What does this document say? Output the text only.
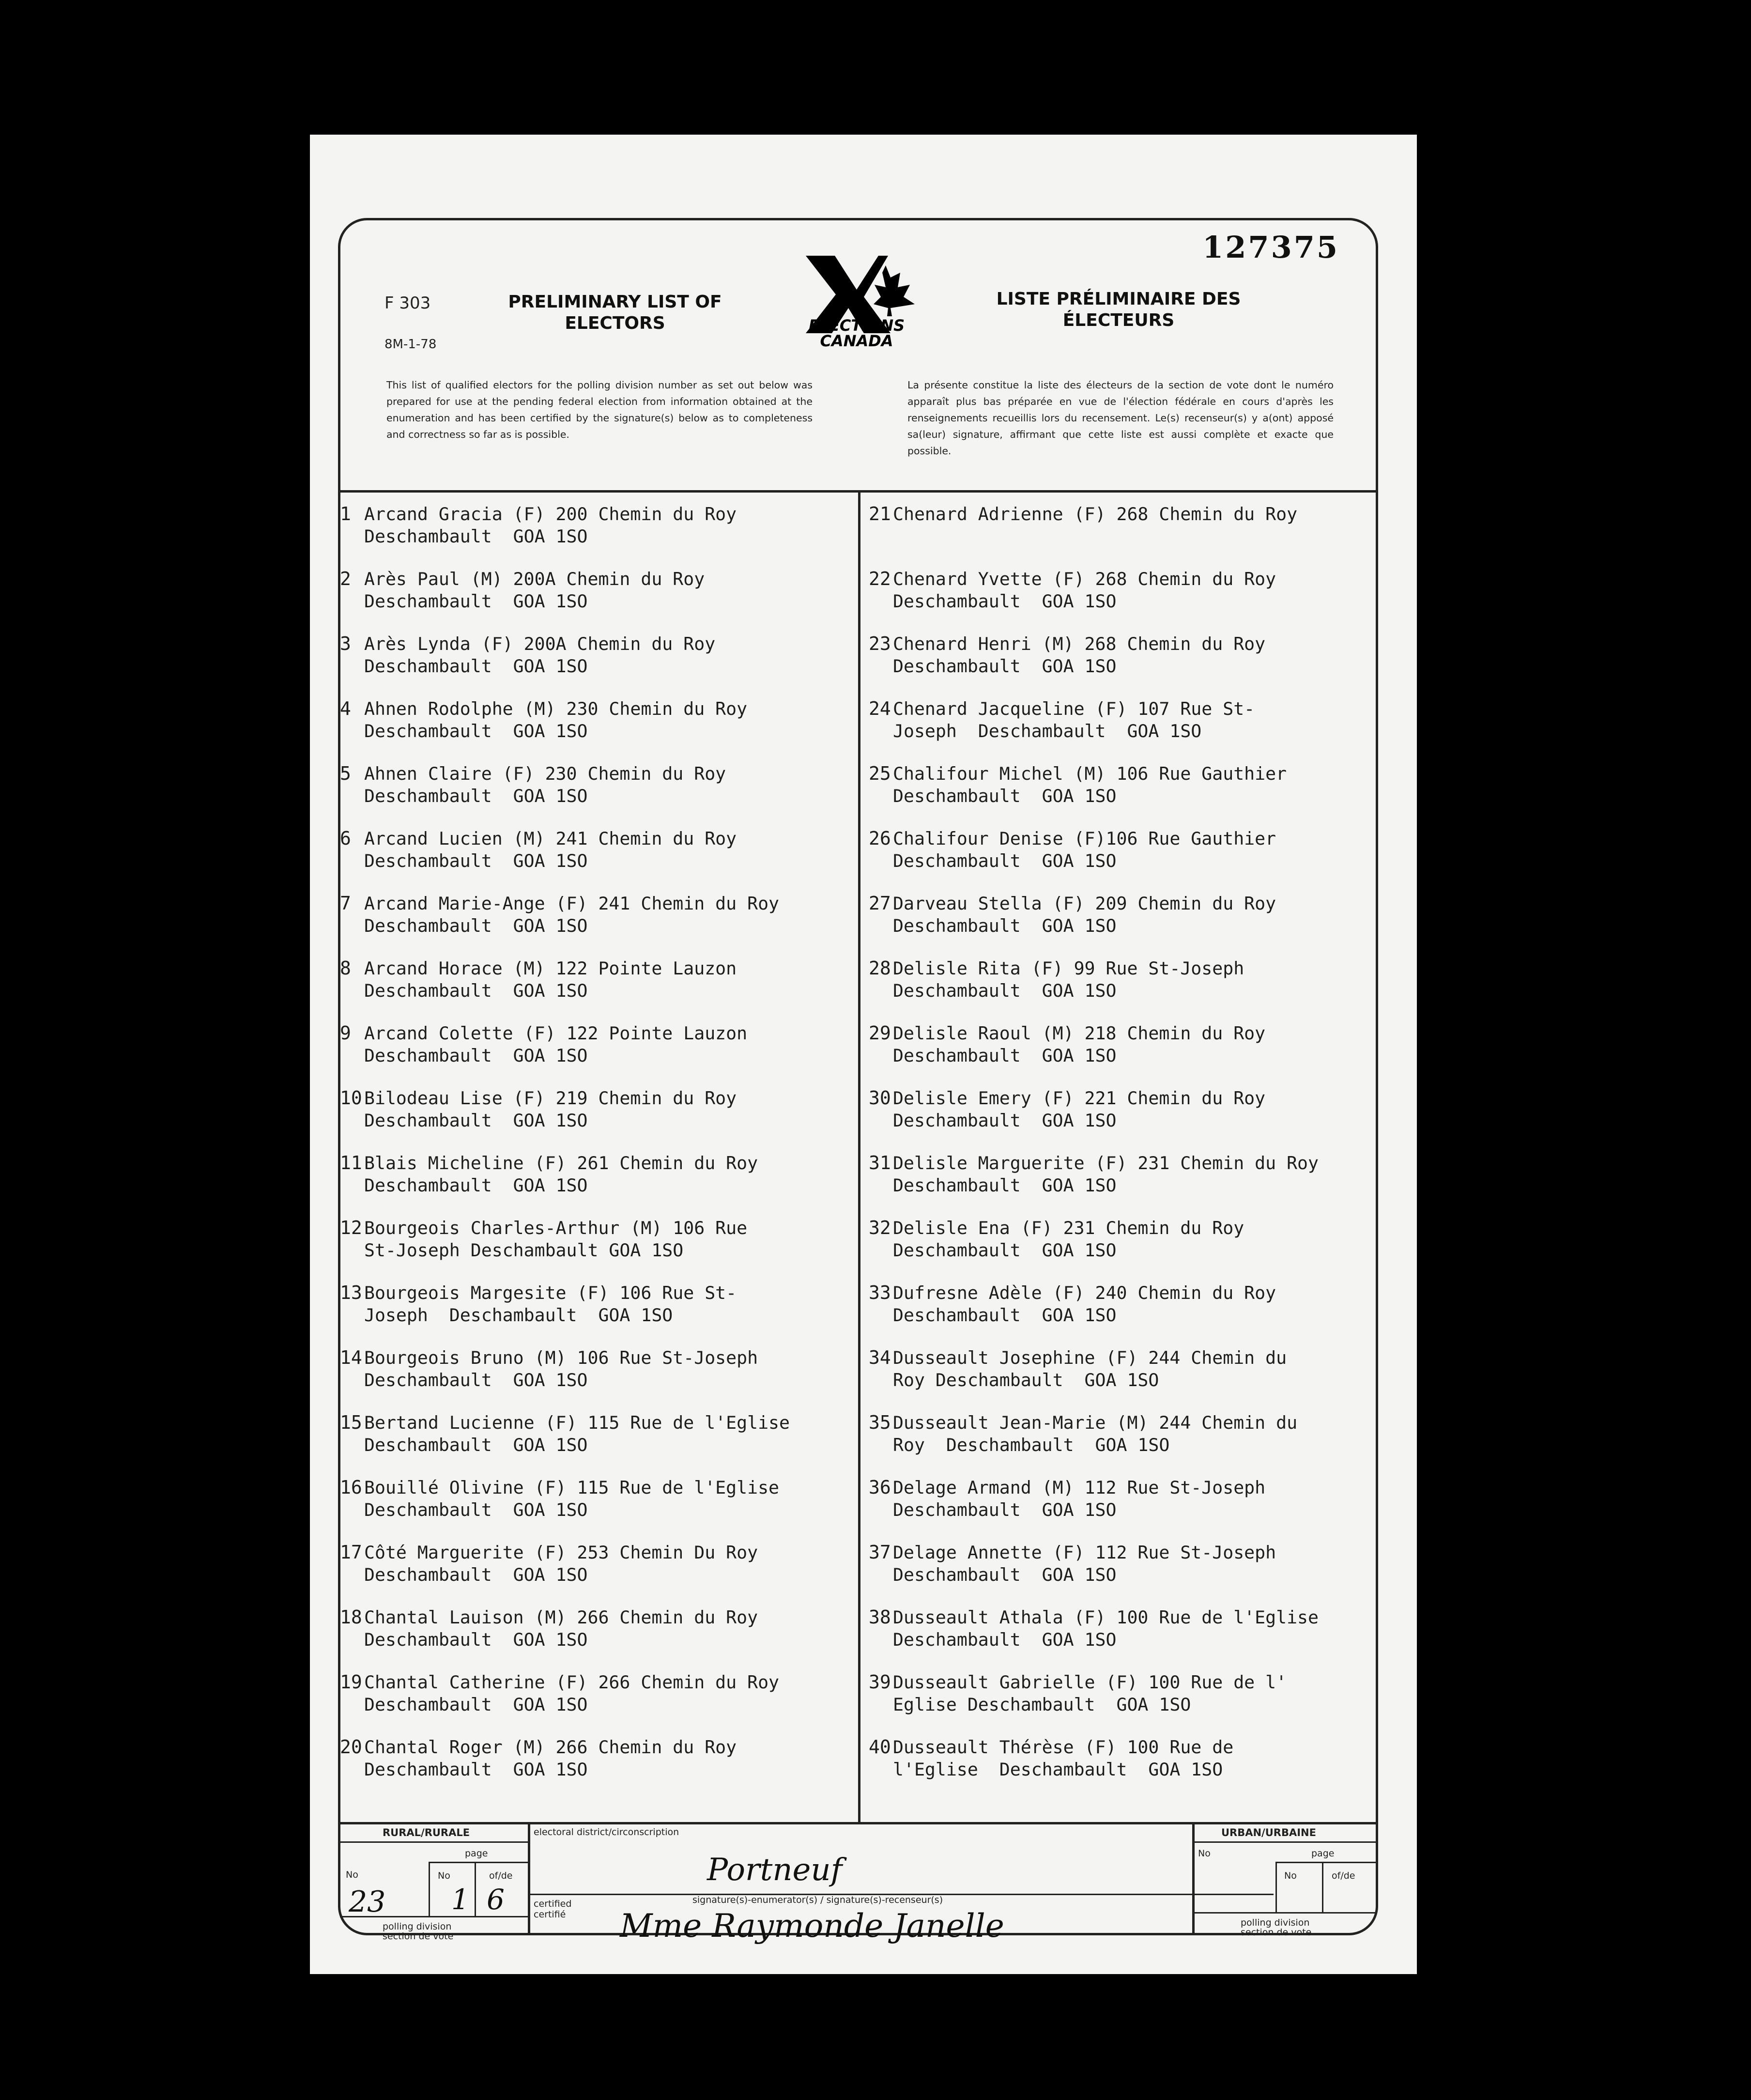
127375
F 303
8M-1-78
PRELIMINARY LIST OF
ELECTORS
LISTE PRÉLIMINAIRE DES
ÉLECTEURS
ELECTIONS
CANADA
This list of qualified electors for the polling division number as set out below was prepared for use at the pending federal election from information obtained at the enumeration and has been certified by the signature(s) below as to completeness and correctness so far as is possible.
La présente constitue la liste des électeurs de la section de vote dont le numéro apparaît plus bas préparée en vue de l'élection fédérale en cours d'après les renseignements recueillis lors du recensement. Le(s) recenseur(s) y a(ont) apposé sa(leur) signature, affirmant que cette liste est aussi complète et exacte que possible.
1 Arcand Gracia (F) 200 Chemin du Roy
Deschambault  GOA 1SO
2 Arès Paul (M) 200A Chemin du Roy
Deschambault  GOA 1SO
3 Arès Lynda (F) 200A Chemin du Roy
Deschambault  GOA 1SO
4 Ahnen Rodolphe (M) 230 Chemin du Roy
Deschambault  GOA 1SO
5 Ahnen Claire (F) 230 Chemin du Roy
Deschambault  GOA 1SO
6 Arcand Lucien (M) 241 Chemin du Roy
Deschambault  GOA 1SO
7 Arcand Marie-Ange (F) 241 Chemin du Roy
Deschambault  GOA 1SO
8 Arcand Horace (M) 122 Pointe Lauzon
Deschambault  GOA 1SO
9 Arcand Colette (F) 122 Pointe Lauzon
Deschambault  GOA 1SO
10 Bilodeau Lise (F) 219 Chemin du Roy
Deschambault  GOA 1SO
11 Blais Micheline (F) 261 Chemin du Roy
Deschambault  GOA 1SO
12 Bourgeois Charles-Arthur (M) 106 Rue
St-Joseph Deschambault GOA 1SO
13 Bourgeois Margesite (F) 106 Rue St-
Joseph  Deschambault  GOA 1SO
14 Bourgeois Bruno (M) 106 Rue St-Joseph
Deschambault  GOA 1SO
15 Bertand Lucienne (F) 115 Rue de l'Eglise
Deschambault  GOA 1SO
16 Bouillé Olivine (F) 115 Rue de l'Eglise
Deschambault  GOA 1SO
17 Côté Marguerite (F) 253 Chemin Du Roy
Deschambault  GOA 1SO
18 Chantal Lauison (M) 266 Chemin du Roy
Deschambault  GOA 1SO
19 Chantal Catherine (F) 266 Chemin du Roy
Deschambault  GOA 1SO
20 Chantal Roger (M) 266 Chemin du Roy
Deschambault  GOA 1SO
21 Chenard Adrienne (F) 268 Chemin du Roy
22 Chenard Yvette (F) 268 Chemin du Roy
Deschambault  GOA 1SO
23 Chenard Henri (M) 268 Chemin du Roy
Deschambault  GOA 1SO
24 Chenard Jacqueline (F) 107 Rue St-
Joseph  Deschambault  GOA 1SO
25 Chalifour Michel (M) 106 Rue Gauthier
Deschambault  GOA 1SO
26 Chalifour Denise (F)106 Rue Gauthier
Deschambault  GOA 1SO
27 Darveau Stella (F) 209 Chemin du Roy
Deschambault  GOA 1SO
28 Delisle Rita (F) 99 Rue St-Joseph
Deschambault  GOA 1SO
29 Delisle Raoul (M) 218 Chemin du Roy
Deschambault  GOA 1SO
30 Delisle Emery (F) 221 Chemin du Roy
Deschambault  GOA 1SO
31 Delisle Marguerite (F) 231 Chemin du Roy
Deschambault  GOA 1SO
32 Delisle Ena (F) 231 Chemin du Roy
Deschambault  GOA 1SO
33 Dufresne Adèle (F) 240 Chemin du Roy
Deschambault  GOA 1SO
34 Dusseault Josephine (F) 244 Chemin du
Roy Deschambault  GOA 1SO
35 Dusseault Jean-Marie (M) 244 Chemin du
Roy  Deschambault  GOA 1SO
36 Delage Armand (M) 112 Rue St-Joseph
Deschambault  GOA 1SO
37 Delage Annette (F) 112 Rue St-Joseph
Deschambault  GOA 1SO
38 Dusseault Athala (F) 100 Rue de l'Eglise
Deschambault  GOA 1SO
39 Dusseault Gabrielle (F) 100 Rue de l'
Eglise Deschambault  GOA 1SO
40 Dusseault Thérèse (F) 100 Rue de
l'Eglise  Deschambault  GOA 1SO
RURAL/RURALE
No
page
No	of/de
polling division
section de vote
23 1 6
electoral district/circonscription
Portneuf
certified
certifié
signature(s)-enumerator(s) / signature(s)-recenseur(s)
Mme Raymonde Janelle
URBAN/URBAINE
No	page
No	of/de
polling division
section de vote
